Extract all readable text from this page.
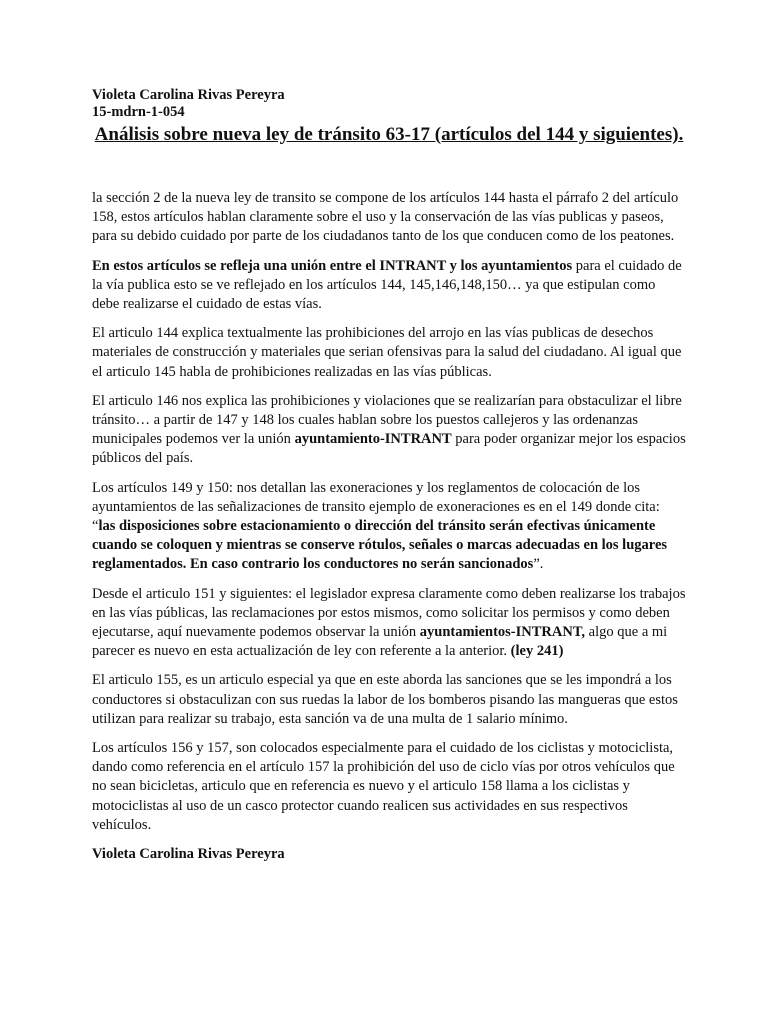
Violeta Carolina Rivas Pereyra

15-mdrn-1-054

Análisis sobre nueva ley de tránsito 63-17 (artículos del 144 y siguientes).

la sección 2 de la nueva ley de transito se compone de los artículos 144 hasta el párrafo 2 del artículo 158, estos artículos hablan claramente sobre el uso y la conservación de las vías publicas y paseos, para su debido cuidado por parte de los ciudadanos tanto de los que conducen como de los peatones.

En estos artículos se refleja una unión entre el INTRANT y los ayuntamientos para el cuidado de la vía publica esto se ve reflejado en los artículos 144, 145,146,148,150… ya que estipulan como debe realizarse el cuidado de estas vías.

El articulo 144 explica textualmente las prohibiciones del arrojo en las vías publicas de desechos materiales de construcción y materiales que serian ofensivas para la salud del ciudadano. Al igual que el articulo 145 habla de prohibiciones realizadas en las vías públicas.

El articulo 146 nos explica las prohibiciones y violaciones que se realizarían para obstaculizar el libre tránsito… a partir de 147 y 148 los cuales hablan sobre los puestos callejeros y las ordenanzas municipales podemos ver la unión ayuntamiento-INTRANT para poder organizar mejor los espacios públicos del país.

Los artículos 149 y 150: nos detallan las exoneraciones y los reglamentos de colocación de los ayuntamientos de las señalizaciones de transito ejemplo de exoneraciones es en el 149 donde cita: “las disposiciones sobre estacionamiento o dirección del tránsito serán efectivas únicamente cuando se coloquen y mientras se conserve rótulos, señales o marcas adecuadas en los lugares reglamentados. En caso contrario los conductores no serán sancionados”.

Desde el articulo 151 y siguientes: el legislador expresa claramente como deben realizarse los trabajos en las vías públicas, las reclamaciones por estos mismos, como solicitar los permisos y como deben ejecutarse, aquí nuevamente podemos observar la unión ayuntamientos-INTRANT, algo que a mi parecer es nuevo en esta actualización de ley con referente a la anterior. (ley 241)

El articulo 155, es un articulo especial ya que en este aborda las sanciones que se les impondrá a los conductores si obstaculizan con sus ruedas la labor de los bomberos pisando las mangueras que estos utilizan para realizar su trabajo, esta sanción va de una multa de 1 salario mínimo.

Los artículos 156 y 157, son colocados especialmente para el cuidado de los ciclistas y motociclista, dando como referencia en el artículo 157 la prohibición del uso de ciclo vías por otros vehículos que no sean bicicletas, articulo que en referencia es nuevo y el articulo 158 llama a los ciclistas y motociclistas al uso de un casco protector cuando realicen sus actividades en sus respectivos vehículos.

Violeta Carolina Rivas Pereyra
